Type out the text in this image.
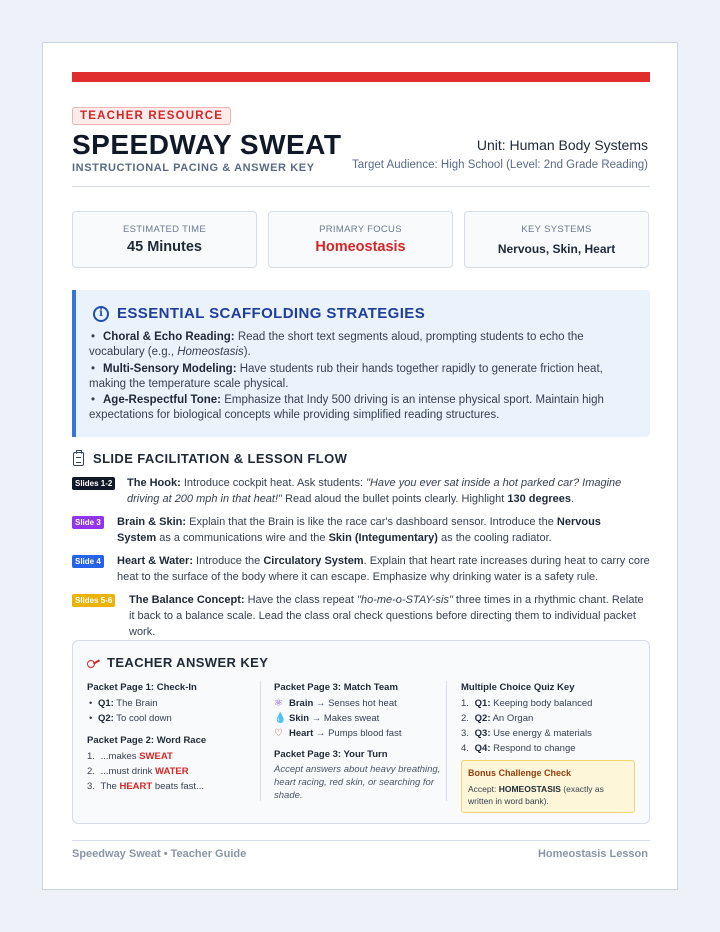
TEACHER RESOURCE
SPEEDWAY SWEAT
INSTRUCTIONAL PACING & ANSWER KEY
Unit: Human Body Systems
Target Audience: High School (Level: 2nd Grade Reading)
ESTIMATED TIME
45 Minutes
PRIMARY FOCUS
Homeostasis
KEY SYSTEMS
Nervous, Skin, Heart
i ESSENTIAL SCAFFOLDING STRATEGIES
• Choral & Echo Reading: Read the short text segments aloud, prompting students to echo the vocabulary (e.g., Homeostasis).
• Multi-Sensory Modeling: Have students rub their hands together rapidly to generate friction heat, making the temperature scale physical.
• Age-Respectful Tone: Emphasize that Indy 500 driving is an intense physical sport. Maintain high expectations for biological concepts while providing simplified reading structures.
SLIDE FACILITATION & LESSON FLOW
Slides 1-2 The Hook: Introduce cockpit heat. Ask students: "Have you ever sat inside a hot parked car? Imagine driving at 200 mph in that heat!" Read aloud the bullet points clearly. Highlight 130 degrees.
Slide 3 Brain & Skin: Explain that the Brain is like the race car's dashboard sensor. Introduce the Nervous System as a communications wire and the Skin (Integumentary) as the cooling radiator.
Slide 4 Heart & Water: Introduce the Circulatory System. Explain that heart rate increases during heat to carry core heat to the surface of the body where it can escape. Emphasize why drinking water is a safety rule.
Slides 5-6 The Balance Concept: Have the class repeat "ho-me-o-STAY-sis" three times in a rhythmic chant. Relate it back to a balance scale. Lead the class oral check questions before directing them to individual packet work.
TEACHER ANSWER KEY
Packet Page 1: Check-In
• Q1: The Brain
• Q2: To cool down
Packet Page 2: Word Race
1. ...makes SWEAT
2. ...must drink WATER
3. The HEART beats fast...
Packet Page 3: Match Team
⚛ Brain → Senses hot heat
💧 Skin → Makes sweat
♡ Heart → Pumps blood fast
Packet Page 3: Your Turn
Accept answers about heavy breathing, heart racing, red skin, or searching for shade.
Multiple Choice Quiz Key
1. Q1: Keeping body balanced
2. Q2: An Organ
3. Q3: Use energy & materials
4. Q4: Respond to change
Bonus Challenge Check
Accept: HOMEOSTASIS (exactly as written in word bank).
Speedway Sweat • Teacher Guide	Homeostasis Lesson
